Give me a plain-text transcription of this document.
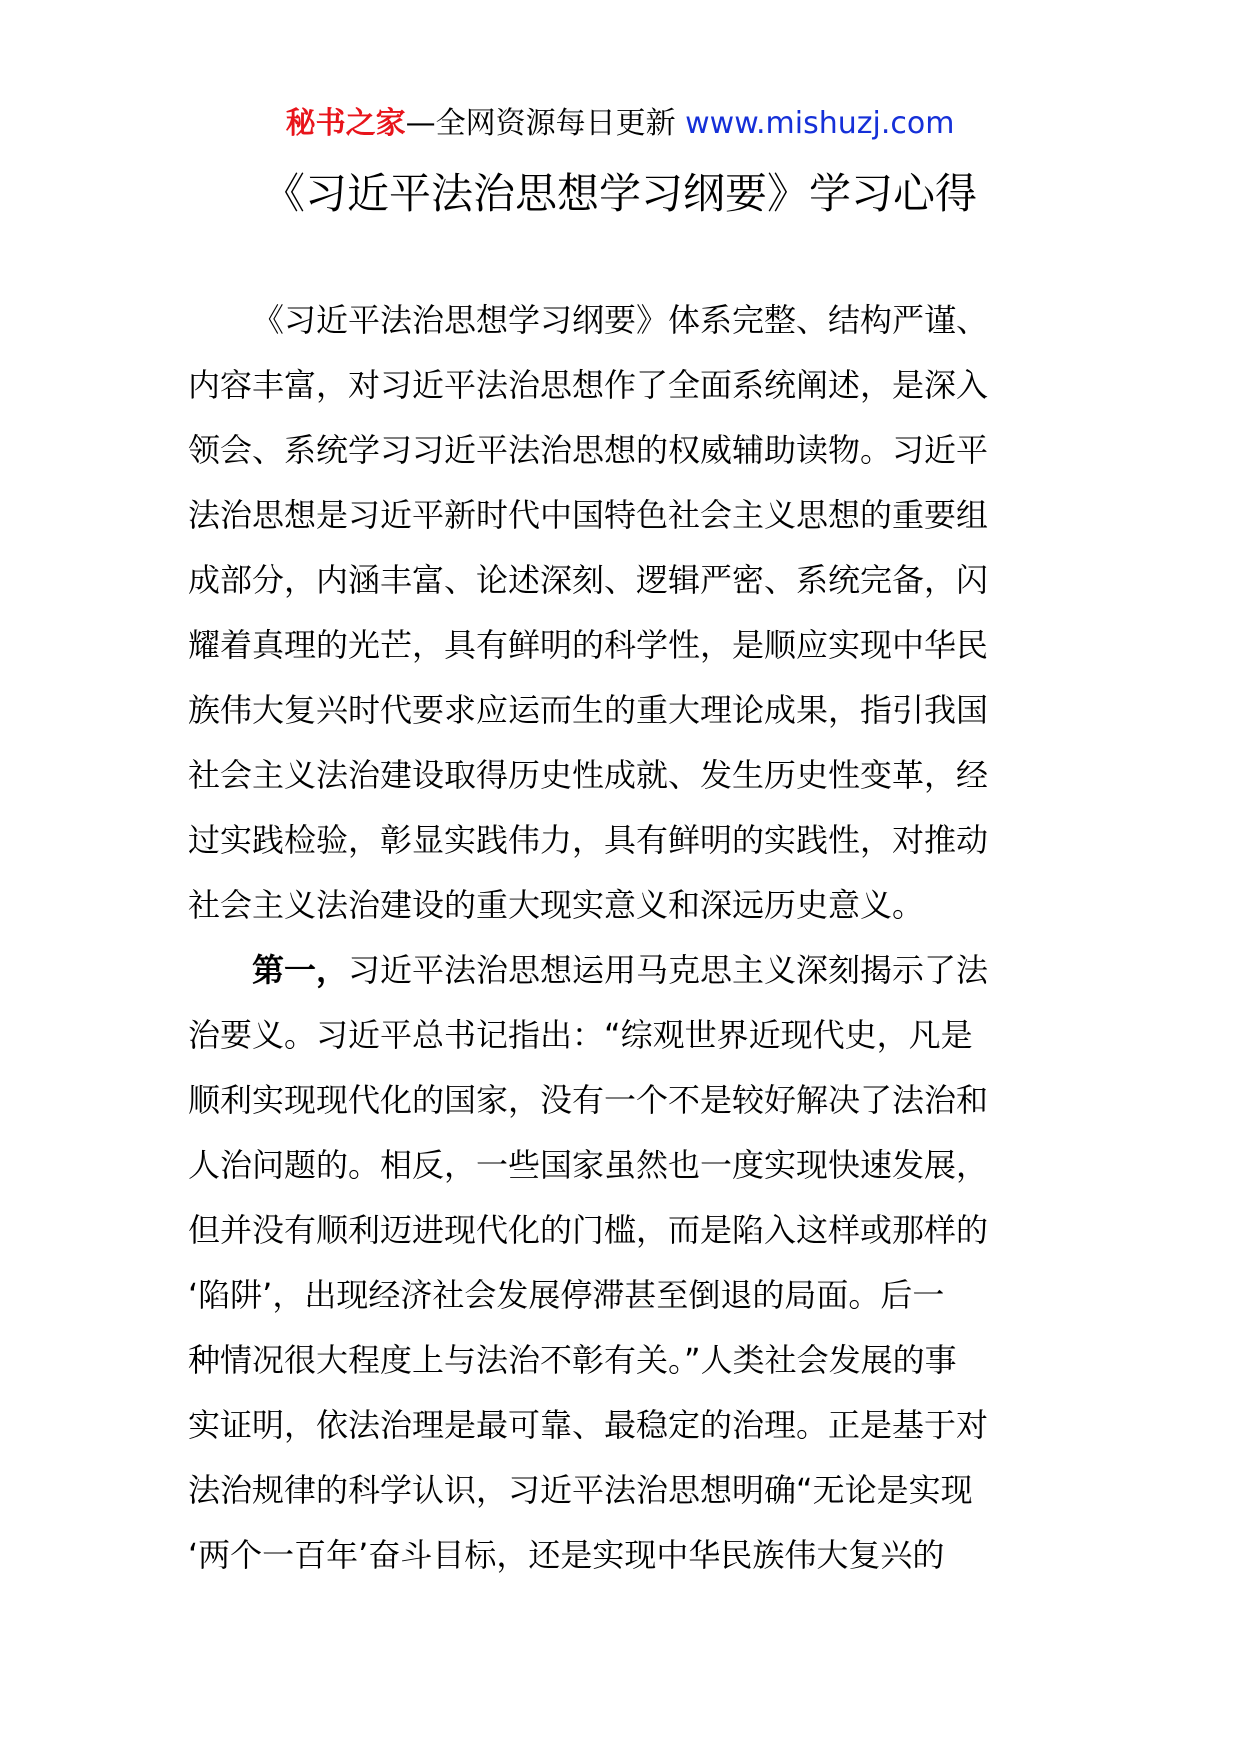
秘书之家—全网资源每日更新 www.mishuzj.com
《习近平法治思想学习纲要》学习心得
《习近平法治思想学习纲要》体系完整、结构严谨、
内容丰富，对习近平法治思想作了全面系统阐述，是深入
领会、系统学习习近平法治思想的权威辅助读物。习近平
法治思想是习近平新时代中国特色社会主义思想的重要组
成部分，内涵丰富、论述深刻、逻辑严密、系统完备，闪
耀着真理的光芒，具有鲜明的科学性，是顺应实现中华民
族伟大复兴时代要求应运而生的重大理论成果，指引我国
社会主义法治建设取得历史性成就、发生历史性变革，经
过实践检验，彰显实践伟力，具有鲜明的实践性，对推动
社会主义法治建设的重大现实意义和深远历史意义。
第一，习近平法治思想运用马克思主义深刻揭示了法
治要义。习近平总书记指出：“综观世界近现代史，凡是
顺利实现现代化的国家，没有一个不是较好解决了法治和
人治问题的。相反，一些国家虽然也一度实现快速发展，
但并没有顺利迈进现代化的门槛，而是陷入这样或那样的
‘陷阱’，出现经济社会发展停滞甚至倒退的局面。后一
种情况很大程度上与法治不彰有关。”人类社会发展的事
实证明，依法治理是最可靠、最稳定的治理。正是基于对
法治规律的科学认识，习近平法治思想明确“无论是实现
‘两个一百年’奋斗目标，还是实现中华民族伟大复兴的
